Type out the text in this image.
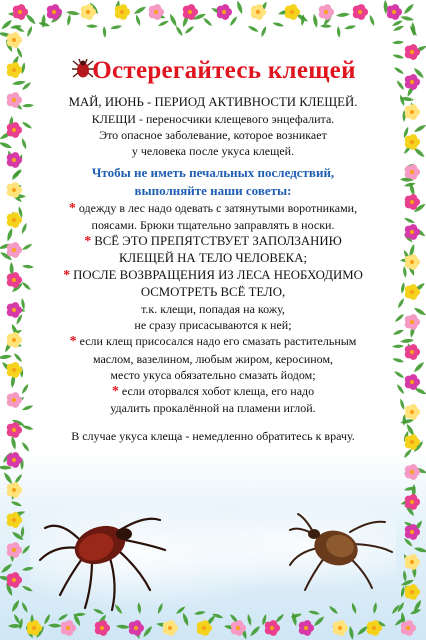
Остерегайтесь клещей
МАЙ, ИЮНЬ - ПЕРИОД АКТИВНОСТИ КЛЕЩЕЙ.
КЛЕЩИ - переносчики клещевого энцефалита.
Это опасное заболевание, которое возникает
у человека после укуса клещей.
Чтобы не иметь печальных последствий,
выполняйте наши советы:
* одежду в лес надо одевать с затянутыми воротниками,
поясами. Брюки тщательно заправлять в носки.
* ВСЁ ЭТО ПРЕПЯТСТВУЕТ ЗАПОЛЗАНИЮ
КЛЕЩЕЙ НА ТЕЛО ЧЕЛОВЕКА;
* ПОСЛЕ ВОЗВРАЩЕНИЯ ИЗ ЛЕСА НЕОБХОДИМО
ОСМОТРЕТЬ ВСЁ ТЕЛО,
т.к. клещи, попадая на кожу,
не сразу присасываются к ней;
* если клещ присосался надо его смазать растительным
маслом, вазелином, любым жиром, керосином,
место укуса обязательно смазать йодом;
* если оторвался хобот клеща, его надо
удалить прокалённой на пламени иглой.
В случае укуса клеща - немедленно обратитесь к врачу.
